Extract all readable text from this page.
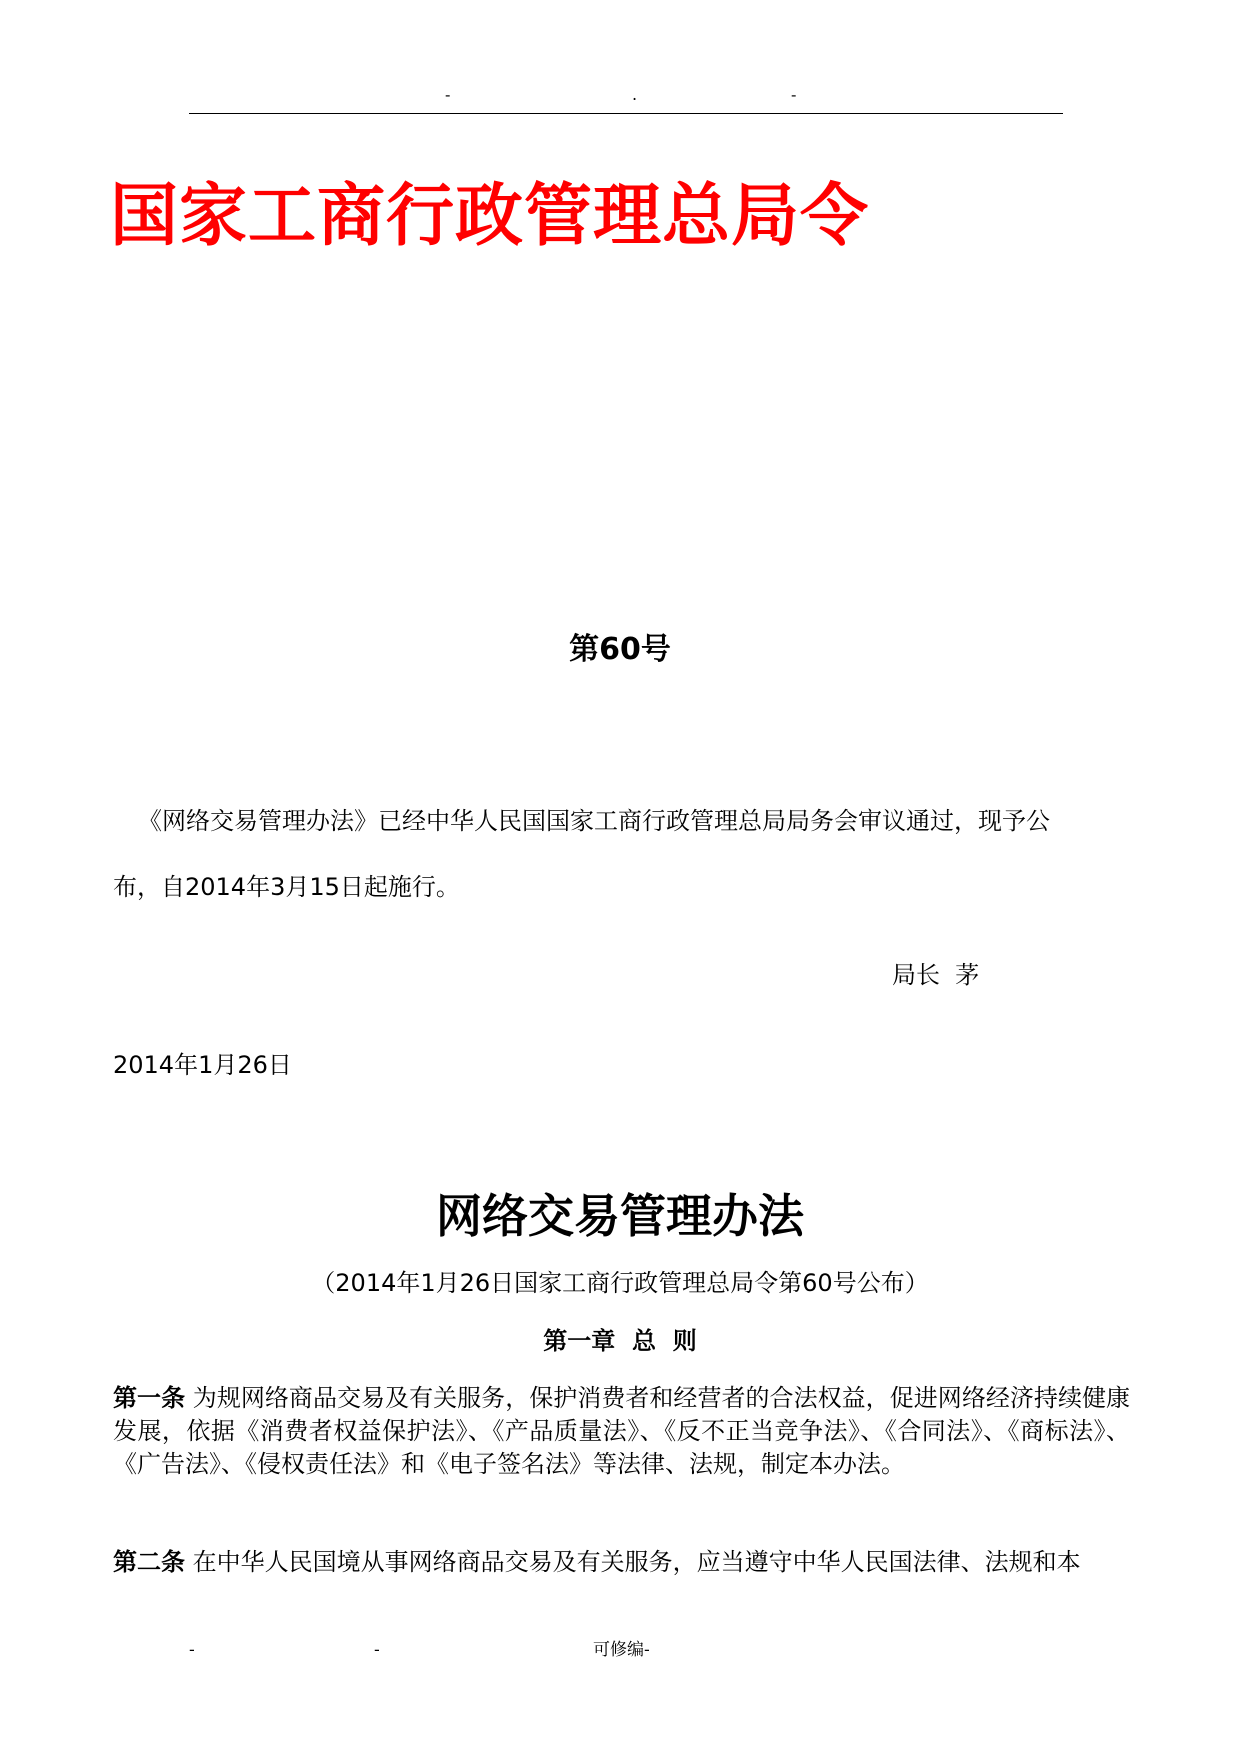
-	.	-
国家工商行政管理总局令
第60号

《网络交易管理办法》已经中华人民国国家工商行政管理总局局务会审议通过，现予公

布，自2014年3月15日起施行。

局长  茅
2014年1月26日
网络交易管理办法
（2014年1月26日国家工商行政管理总局令第60号公布）
第一章  总  则

第一条 为规网络商品交易及有关服务，保护消费者和经营者的合法权益，促进网络经济持续健康发展，依据《消费者权益保护法》、《产品质量法》、《反不正当竞争法》、《合同法》、《商标法》、《广告法》、《侵权责任法》和《电子签名法》等法律、法规，制定本办法。

第二条 在中华人民国境从事网络商品交易及有关服务，应当遵守中华人民国法律、法规和本

-	-	可修编-
